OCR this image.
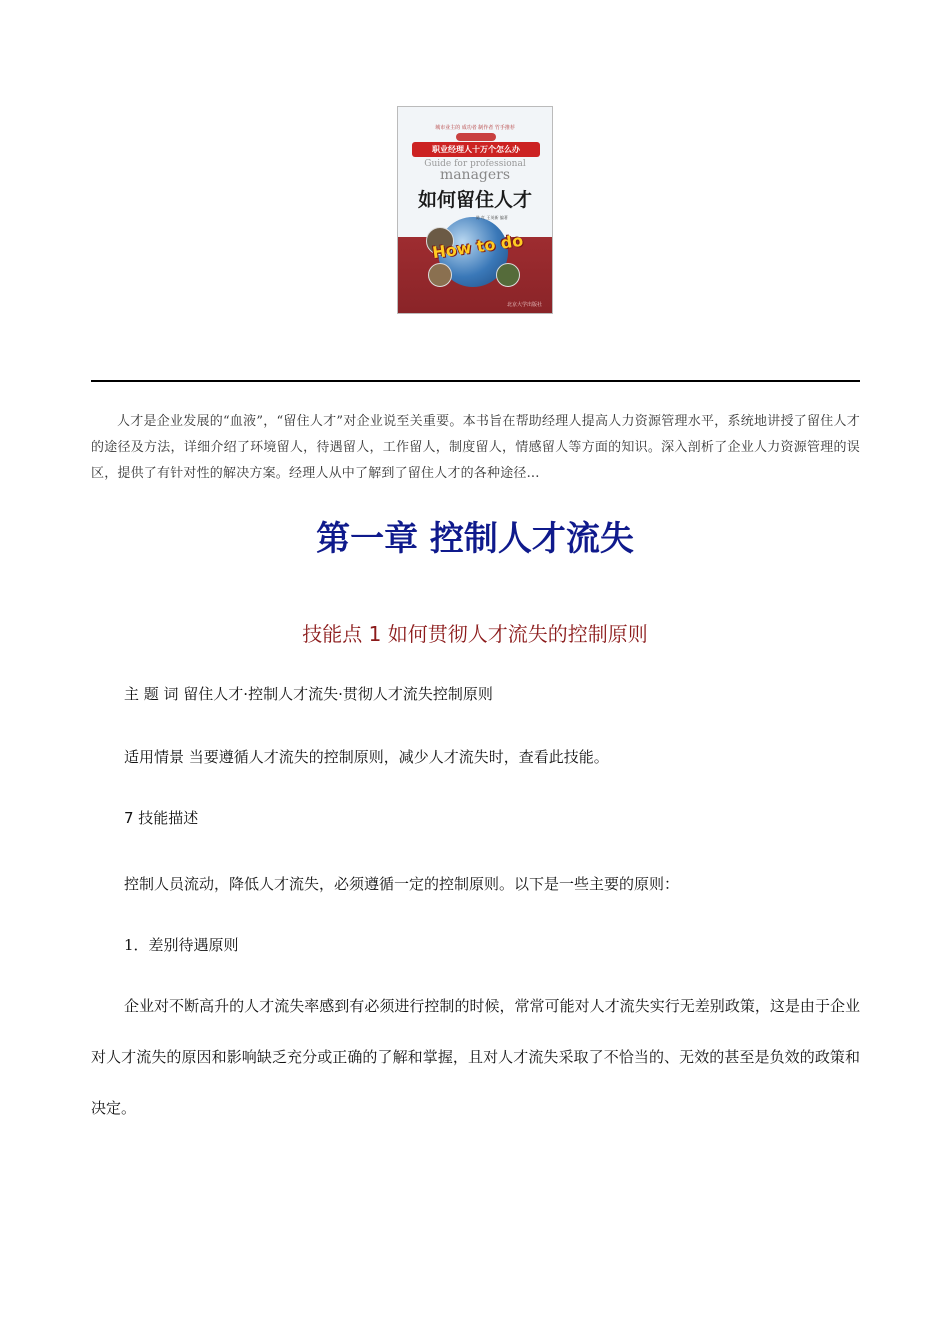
城市业主的 成功者 制作者 竹手推荐
职业经理人十万个怎么办
Guide for professional
managers
如何留住人才
陈 红 王英新 编著
How to do
北京大学出版社
人才是企业发展的“血液”，“留住人才”对企业说至关重要。本书旨在帮助经理人提高人力资源管理水平，系统地讲授了留住人才的途径及方法，详细介绍了环境留人，待遇留人，工作留人，制度留人，情感留人等方面的知识。深入剖析了企业人力资源管理的误区，提供了有针对性的解决方案。经理人从中了解到了留住人才的各种途径...
第一章 控制人才流失
技能点 1 如何贯彻人才流失的控制原则
主 题 词 留住人才·控制人才流失·贯彻人才流失控制原则
适用情景 当要遵循人才流失的控制原则，减少人才流失时，查看此技能。
7 技能描述
控制人员流动，降低人才流失，必须遵循一定的控制原则。以下是一些主要的原则：
1．差别待遇原则
企业对不断高升的人才流失率感到有必须进行控制的时候，常常可能对人才流失实行无差别政策，这是由于企业对人才流失的原因和影响缺乏充分或正确的了解和掌握，且对人才流失采取了不恰当的、无效的甚至是负效的政策和决定。
